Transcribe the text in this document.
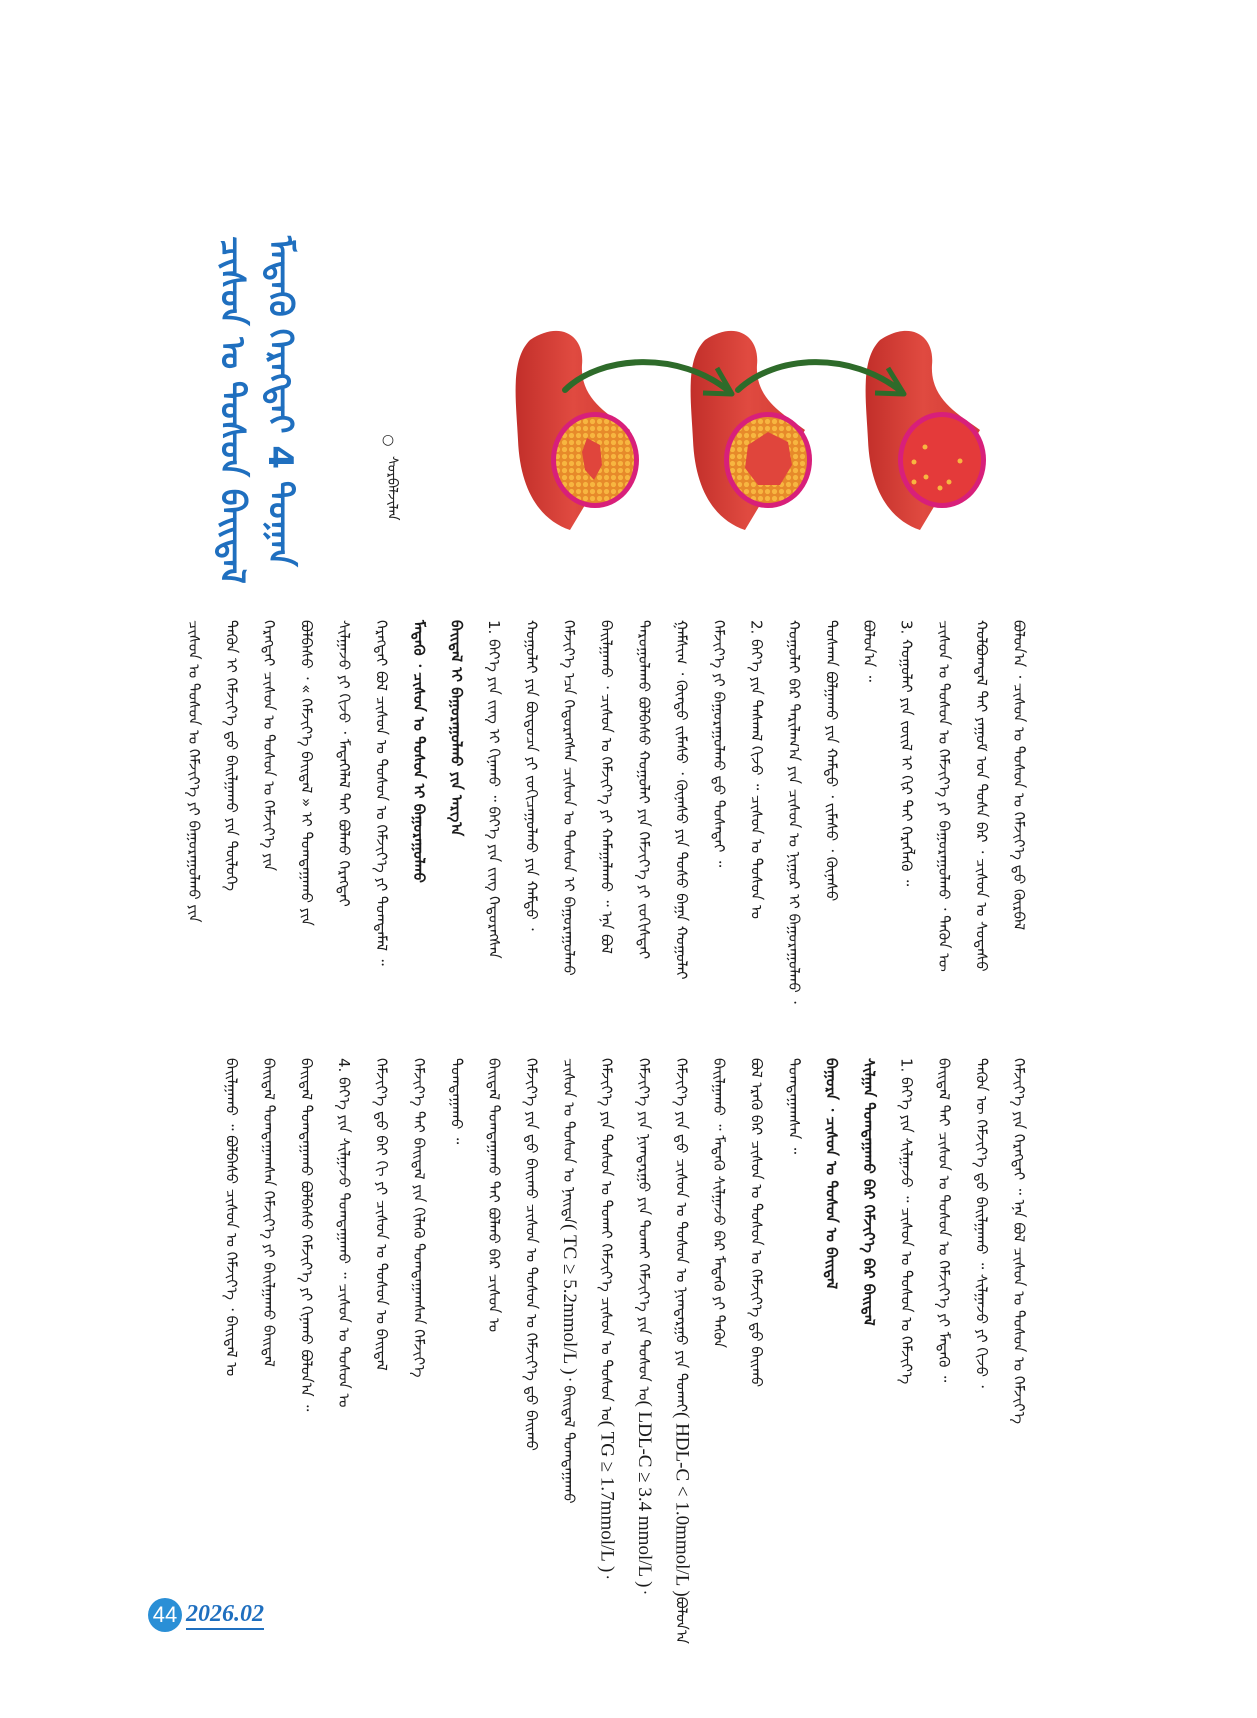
ᠮᠡᠳᠡᠬᠦ ᠬᠡᠷᠡᠭᠳᠡᠢ 4 ᠲᠣᠭᠠᠨ
ᠴᠢᠰᠤᠨ ᠤ ᠲᠣᠰᠤᠨ ᠪᠠᠢᠳᠠᠯ	○
ᠰᠤᠷᠪᠠᠯᠵᠢᠯᠠᠨ
ᠪᠣᠯᠤᠨ᠎ᠠ ᠂ ᠴᠢᠰᠤᠨ ᠤ ᠲᠣᠰᠤᠨ ᠤ ᠬᠡᠮᠵᠢᠶ᠎ᠡ ᠳ᠋ᠤ ᠬᠦᠷᠪᠡᠯ
ᠬᠣᠯᠪᠣᠭᠳᠠᠯ ᠲᠠᠢ ᠶᠠᠭᠤᠮ ᠤᠨ ᠲᠤᠰᠠ ᠪᠡᠷ ᠂ ᠴᠢᠰᠤᠨ ᠤ ᠰᠤᠳᠠᠰᠤ
ᠴᠢᠰᠤᠨ ᠤ ᠲᠣᠰᠤᠨ ᠤ ᠬᠡᠮᠵᠢᠶ᠎ᠡ ᠶᠢ ᠪᠠᠭᠤᠷᠠᠭᠤᠯᠬᠤ ᠂ ᠲᠡᠭᠦᠨ ᠦ
3. ᠬᠣᠭᠣᠯᠠᠢ ᠶᠢᠨ ᠵᠦᠢᠯ ᠢ ᠬᠢᠷ ᠲᠠᠢ ᠬᠡᠷᠡᠭᠯᠡᠬᠦ ᠃
ᠪᠣᠯᠤᠨ᠎ᠠ ᠃
ᠲᠣᠰᠬᠠᠨ ᠪᠣᠯᠭᠠᠬᠤ ᠶᠢᠨ ᠬᠠᠮᠲᠤ ᠂ ᠵᠢᠮᠡᠰᠦ ᠂ ᠬᠦᠨᠡᠰᠦ
ᠬᠣᠭᠣᠯᠠᠢ ᠪᠠᠷ ᠲᠠᠷᠢᠯᠠᠭ᠎ᠠ ᠶᠢᠨ ᠴᠢᠰᠤᠨ ᠤ ᠨᠢᠭᠤᠷ ᠢ ᠪᠠᠭᠤᠷᠠᠭᠤᠯᠬᠤ ᠂
2. ᠪᠡᠶ᠎ᠡ ᠶᠢᠨ ᠳᠠᠰᠬᠠᠯ ᠬᠢᠵᠦ ᠃ ᠴᠢᠰᠤᠨ ᠤ ᠲᠣᠰᠤᠨ ᠤ
ᠬᠡᠮᠵᠢᠶ᠎ᠡ ᠶᠢ ᠪᠠᠭᠤᠷᠠᠭᠤᠯᠬᠤ ᠳ᠋ᠤ ᠲᠤᠰᠠᠲᠠᠢ ᠃
ᠭᠠᠮᠰᠢᠭ ᠂ ᠬᠦᠨᠳᠦ ᠵᠢᠮᠡᠰᠦ ᠂ ᠬᠦᠨᠡᠰᠦ ᠶᠢᠨ ᠲᠣᠰᠤ ᠪᠠᠭᠠ ᠬᠣᠭᠣᠯᠠᠢ
ᠲᠠᠷᠤᠭᠤᠯᠠᠬᠤ ᠪᠣᠯᠪᠠᠰᠤ ᠬᠣᠭᠣᠯᠠᠢ ᠶᠢᠨ ᠬᠡᠮᠵᠢᠶ᠎ᠡ ᠶᠢ ᠵᠣᠬᠢᠰᠲᠠᠢ
ᠪᠠᠢᠯᠭᠠᠬᠤ ᠂ ᠴᠢᠰᠤᠨ ᠤ ᠬᠡᠮᠵᠢᠶ᠎ᠡ ᠶᠢ ᠬᠠᠮᠠᠭᠠᠯᠠᠬᠤ ᠃ ᠡᠨᠡ ᠪᠣᠯ
ᠬᠡᠮᠵᠢᠶ᠎ᠡ ᠡᠴᠡ ᠬᠡᠲᠦᠷᠡᠭᠰᠡᠨ ᠴᠢᠰᠤᠨ ᠤ ᠲᠣᠰᠤᠨ ᠢ ᠪᠠᠭᠤᠷᠠᠭᠤᠯᠬᠤ
ᠬᠣᠭᠣᠯᠠᠢ ᠶᠢᠨ ᠪᠦᠲᠦᠴᠡ ᠶᠢ ᠵᠣᠬᠢᠴᠠᠭᠤᠯᠬᠤ ᠶᠢᠨ ᠬᠠᠮᠲᠤ ᠂
1. ᠪᠡᠶ᠎ᠡ ᠶᠢᠨ ᠵᠢᠩ ᠢ ᠬᠢᠨᠠᠬᠤ ᠃ ᠪᠡᠶ᠎ᠡ ᠶᠢᠨ ᠵᠢᠩ ᠬᠡᠲᠦᠷᠡᠭᠰᠡᠨ
ᠪᠠᠢᠳᠠᠯ ᠢ ᠪᠠᠭᠤᠷᠠᠭᠤᠯᠬᠤ ᠶᠢᠨ ᠠᠷᠭ᠎ᠠ
ᠮᠡᠳᠡᠬᠦ ᠂ ᠴᠢᠰᠤᠨ ᠤ ᠲᠣᠰᠤᠨ ᠢ ᠪᠠᠭᠤᠷᠠᠭᠤᠯᠬᠤ
ᠬᠡᠷᠡᠭᠲᠡᠢ ᠪᠣᠯ ᠴᠢᠰᠤᠨ ᠤ ᠲᠣᠰᠤᠨ ᠤ ᠬᠡᠮᠵᠢᠶ᠎ᠡ ᠶᠢ ᠲᠣᠭᠲᠠᠮᠠᠯ ᠃
ᠰᠢᠯᠭᠠᠵᠤ ᠶᠢ ᠬᠢᠵᠦ ᠂ ᠮᠡᠳᠡᠭᠡᠯᠡᠯ ᠲᠠᠢ ᠪᠣᠯᠬᠤ ᠬᠡᠷᠡᠭᠲᠡᠢ
ᠪᠣᠯᠪᠠᠰᠤ ᠂ « ᠬᠡᠮᠵᠢᠶ᠎ᠡ ᠪᠠᠢᠳᠠᠯ » ᠢ ᠲᠣᠭᠲᠠᠭᠠᠬᠤ ᠶᠢᠨ
ᠬᠡᠷᠡᠭᠲᠡᠢ ᠴᠢᠰᠤᠨ ᠤ ᠲᠣᠰᠤᠨ ᠤ ᠬᠡᠮᠵᠢᠶ᠎ᠡ ᠶᠢᠨ
ᠲᠡᠭᠦᠨ ᠢ ᠬᠡᠮᠵᠢᠶ᠎ᠡ ᠳ᠋ᠤ ᠪᠠᠢᠯᠭᠠᠬᠤ ᠶᠢᠨ ᠲᠥᠯᠦᠭᠡ
ᠴᠢᠰᠤᠨ ᠤ ᠲᠣᠰᠤᠨ ᠤ ᠬᠡᠮᠵᠢᠶ᠎ᠡ ᠶᠢ ᠪᠠᠭᠤᠷᠠᠭᠤᠯᠬᠤ ᠶᠢᠨ
ᠬᠡᠮᠵᠢᠶ᠎ᠡ ᠶᠢᠨ ᠬᠡᠷᠡᠭᠲᠡᠢ ᠃ ᠡᠨᠡ ᠪᠣᠯ ᠴᠢᠰᠤᠨ ᠤ ᠲᠣᠰᠤᠨ ᠤ ᠬᠡᠮᠵᠢᠶ᠎ᠡ
ᠲᠡᠭᠦᠨ ᠦ ᠬᠡᠮᠵᠢᠶ᠎ᠡ ᠳ᠋ᠤ ᠪᠠᠢᠯᠭᠠᠬᠤ ᠃ ᠰᠢᠯᠭᠠᠵᠤ ᠶᠢ ᠬᠢᠵᠦ ᠂
ᠪᠠᠢᠳᠠᠯ ᠲᠠᠢ ᠴᠢᠰᠤᠨ ᠤ ᠲᠣᠰᠤᠨ ᠤ ᠬᠡᠮᠵᠢᠶ᠎ᠡ ᠶᠢ ᠮᠡᠳᠡᠬᠦ ᠃
1. ᠪᠡᠶ᠎ᠡ ᠶᠢᠨ ᠰᠢᠯᠭᠠᠵᠤ ᠃ ᠴᠢᠰᠤᠨ ᠤ ᠲᠣᠰᠤᠨ ᠤ ᠬᠡᠮᠵᠢᠶ᠎ᠡ
ᠰᠢᠯᠭᠠᠨ ᠲᠣᠭᠲᠠᠭᠠᠬᠤ ᠪᠠᠷ ᠬᠡᠮᠵᠢᠶ᠎ᠡ ᠪᠠᠷ ᠪᠠᠢᠳᠠᠯ
ᠪᠠᠭᠤᠷᠠ ᠂ ᠴᠢᠰᠤᠨ ᠤ ᠲᠣᠰᠤᠨ ᠤ ᠪᠠᠢᠳᠠᠯ
ᠲᠣᠭᠲᠠᠭᠠᠭᠰᠠᠨ ᠃
ᠪᠣᠯ ᠡᠷᠡᠬᠦ ᠪᠡᠷ ᠴᠢᠰᠤᠨ ᠤ ᠲᠣᠰᠤᠨ ᠤ ᠬᠡᠮᠵᠢᠶ᠎ᠡ ᠳ᠋ᠤ ᠪᠠᠢᠬᠤ
ᠪᠠᠢᠯᠭᠠᠬᠤ ᠃ ᠮᠡᠳᠡᠬᠦ ᠰᠢᠯᠭᠠᠵᠤ ᠪᠡᠷ ᠮᠡᠳᠡᠬᠦ ᠶᠢ ᠲᠡᠭᠦᠨ
ᠬᠡᠮᠵᠢᠶ᠎ᠡ ᠶᠢᠨ ᠳ᠋ᠤ ᠴᠢᠰᠤᠨ ᠤ ᠲᠣᠰᠤᠨ ᠤ ᠨᠢᠭᠲᠠᠷᠭᠤ ᠶᠢᠨ ᠲᠤᠬᠠᠢ( HDL-C < 1.0mmol/L )ᠪᠣᠯᠤᠨ᠎ᠠ
ᠬᠡᠮᠵᠢᠶ᠎ᠡ ᠶᠢᠨ ᠨᠢᠭᠲᠠᠷᠭᠤ ᠶᠢᠨ ᠲᠤᠬᠠᠢ ᠬᠡᠮᠵᠢᠶ᠎ᠡ ᠶᠢᠨ ᠲᠣᠰᠤᠨ ᠤ( LDL-C ≥ 3.4 mmol/L )᠂
ᠬᠡᠮᠵᠢᠶ᠎ᠡ ᠶᠢᠨ ᠲᠣᠰᠤᠨ ᠤ ᠲᠤᠬᠠᠢ ᠬᠡᠮᠵᠢᠶ᠎ᠡ ᠴᠢᠰᠤᠨ ᠤ ᠲᠣᠰᠤᠨ ᠤ( TG ≥ 1.7mmol/L )᠂
ᠴᠢᠰᠤᠨ ᠤ ᠲᠣᠰᠤᠨ ᠤ ᠨᠡᠢᠲᠡ( TC ≥ 5.2mmol/L )᠂ ᠪᠠᠢᠳᠠᠯ ᠲᠣᠭᠲᠠᠭᠠᠬᠤ
ᠬᠡᠮᠵᠢᠶ᠎ᠡ ᠶᠢᠨ ᠳ᠋ᠤ ᠪᠠᠢᠬᠤ ᠴᠢᠰᠤᠨ ᠤ ᠲᠣᠰᠤᠨ ᠤ ᠬᠡᠮᠵᠢᠶ᠎ᠡ ᠳ᠋ᠤ ᠪᠠᠢᠬᠤ
ᠪᠠᠢᠳᠠᠯ ᠲᠣᠭᠲᠠᠭᠠᠬᠤ ᠲᠠᠢ ᠪᠣᠯᠬᠤ ᠪᠠᠷ ᠴᠢᠰᠤᠨ ᠤ
ᠲᠣᠭᠲᠠᠭᠠᠬᠤ ᠃
ᠬᠡᠮᠵᠢᠶ᠎ᠡ ᠲᠠᠢ ᠪᠠᠢᠳᠠᠯ ᠶᠢᠨ ᠬᠢᠯᠡᠬᠦ ᠲᠣᠭᠲᠠᠭᠠᠭᠰᠠᠨ ᠬᠡᠮᠵᠢᠶ᠎ᠡ
ᠬᠡᠮᠵᠢᠶ᠎ᠡ ᠳ᠋ᠤ ᠪᠠᠢ ᠬᠢ ᠶᠢ ᠴᠢᠰᠤᠨ ᠤ ᠲᠣᠰᠤᠨ ᠤ ᠪᠠᠢᠳᠠᠯ
4. ᠪᠡᠶ᠎ᠡ ᠶᠢᠨ ᠰᠢᠯᠭᠠᠵᠤ ᠲᠣᠭᠲᠠᠭᠠᠬᠤ ᠃ ᠴᠢᠰᠤᠨ ᠤ ᠲᠣᠰᠤᠨ ᠤ
ᠪᠠᠢᠳᠠᠯ ᠲᠣᠭᠲᠠᠭᠠᠬᠤ ᠪᠣᠯᠪᠠᠰᠤ ᠬᠡᠮᠵᠢᠶ᠎ᠡ ᠶᠢ ᠬᠢᠨᠠᠬᠤ ᠪᠣᠯᠤᠨ᠎ᠠ ᠃
ᠪᠠᠢᠳᠠᠯ ᠲᠣᠭᠲᠠᠭᠠᠭᠰᠠᠨ ᠬᠡᠮᠵᠢᠶ᠎ᠡ ᠶᠢ ᠪᠠᠢᠯᠭᠠᠬᠤ ᠪᠠᠢᠳᠠᠯ
ᠪᠠᠢᠯᠭᠠᠬᠤ ᠃ ᠪᠣᠯᠪᠠᠰᠤ ᠴᠢᠰᠤᠨ ᠤ ᠬᠡᠮᠵᠢᠶ᠎ᠡ ᠂ ᠪᠠᠢᠳᠠᠯ ᠤ
44 2026.02
